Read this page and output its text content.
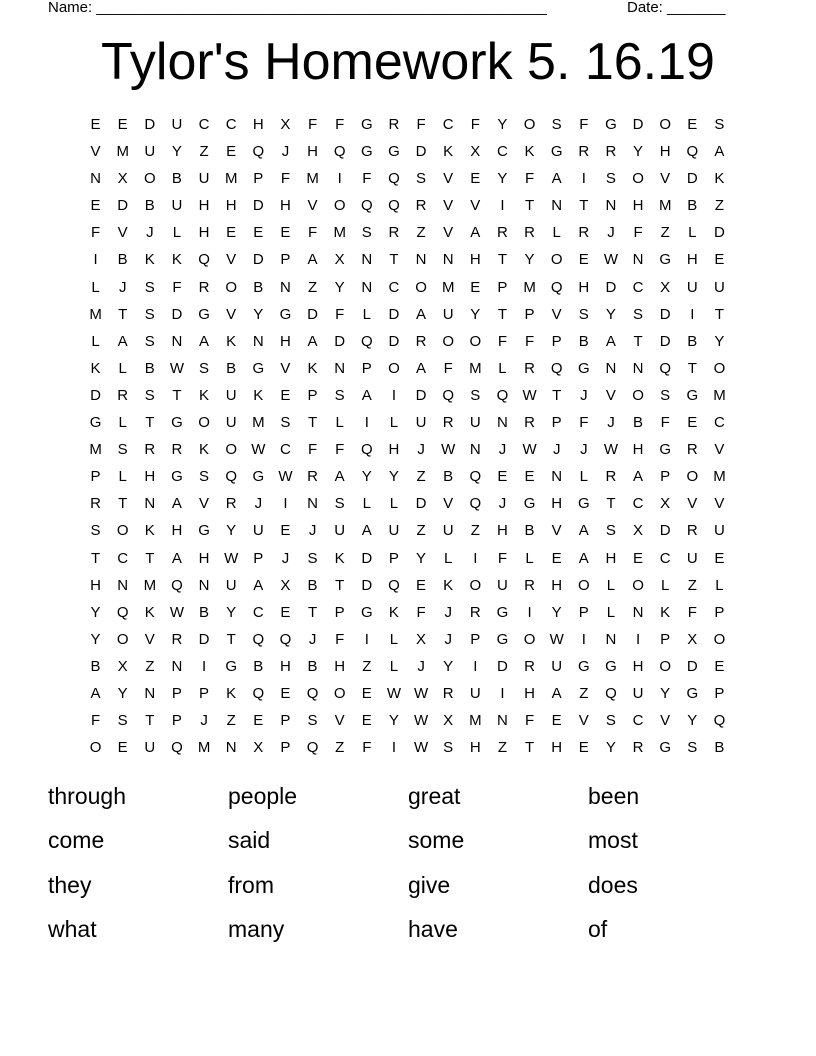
Name: ______________________________________________________	Date: _______
Tylor's Homework 5. 16.19
E	E	D	U	C	C	H	X	F	F	G	R	F	C	F	Y	O	S	F	G	D	O	E	S
V	M	U	Y	Z	E	Q	J	H	Q	G	G	D	K	X	C	K	G	R	R	Y	H	Q	A
N	X	O	B	U	M	P	F	M	I	F	Q	S	V	E	Y	F	A	I	S	O	V	D	K
E	D	B	U	H	H	D	H	V	O	Q	Q	R	V	V	I	T	N	T	N	H	M	B	Z
F	V	J	L	H	E	E	E	F	M	S	R	Z	V	A	R	R	L	R	J	F	Z	L	D
I	B	K	K	Q	V	D	P	A	X	N	T	N	N	H	T	Y	O	E	W N	G	H	E
L	J	S	F	R	O	B	N	Z	Y	N	C	O	M	E	P	M	Q	H	D	C	X	U	U
M	T	S	D	G	V	Y	G	D	F	L	D	A	U	Y	T	P	V	S	Y	S	D	I	T
L	A	S	N	A	K	N	H	A	D	Q	D	R	O	O	F	F	P	B	A	T	D	B	Y
K	L	B	W	S	B	G	V	K	N	P	O	A	F	M	L	R	Q	G	N	N	Q	T	O
D	R	S	T	K	U	K	E	P	S	A	I	D	Q	S	Q W	T	J	V	O	S	G	M
G	L	T	G	O	U	M	S	T	L	I	L	U	R	U	N	R	P	F	J	B	F	E	C
M	S	R	R	K	O W C	F	F	Q	H	J	W N	J	W	J	J	W H	G	R	V
P	L	H	G	S	Q	G W R	A	Y	Y	Z	B	Q	E	E	N	L	R	A	P	O	M
R	T	N	A	V	R	J	I	N	S	L	L	D	V	Q	J	G	H	G	T	C	X	V	V
S	O	K	H	G	Y	U	E	J	U	A	U	Z	U	Z	H	B	V	A	S	X	D	R	U
T	C	T	A	H W	P	J	S	K	D	P	Y	L	I	F	L	E	A	H	E	C	U	E
H	N	M	Q	N	U	A	X	B	T	D	Q	E	K	O	U	R	H	O	L	O	L	Z	L
Y	Q	K	W	B	Y	C	E	T	P	G	K	F	J	R	G	I	Y	P	L	N	K	F	P
Y	O	V	R	D	T	Q	Q	J	F	I	L	X	J	P	G	O W	I	N	I	P	X	O
B	X	Z	N	I	G	B	H	B	H	Z	L	J	Y	I	D	R	U	G	G	H	O	D	E
A	Y	N	P	P	K	Q	E	Q	O	E	W W R	U	I	H	A	Z	Q	U	Y	G	P
F	S	T	P	J	Z	E	P	S	V	E	Y	W	X	M	N	F	E	V	S	C	V	Y	Q
O	E	U	Q	M	N	X	P	Q	Z	F	I	W	S	H	Z	T	H	E	Y	R	G	S	B
through	people	great	been
come	said	some	most
they	from	give	does
what	many	have	of
